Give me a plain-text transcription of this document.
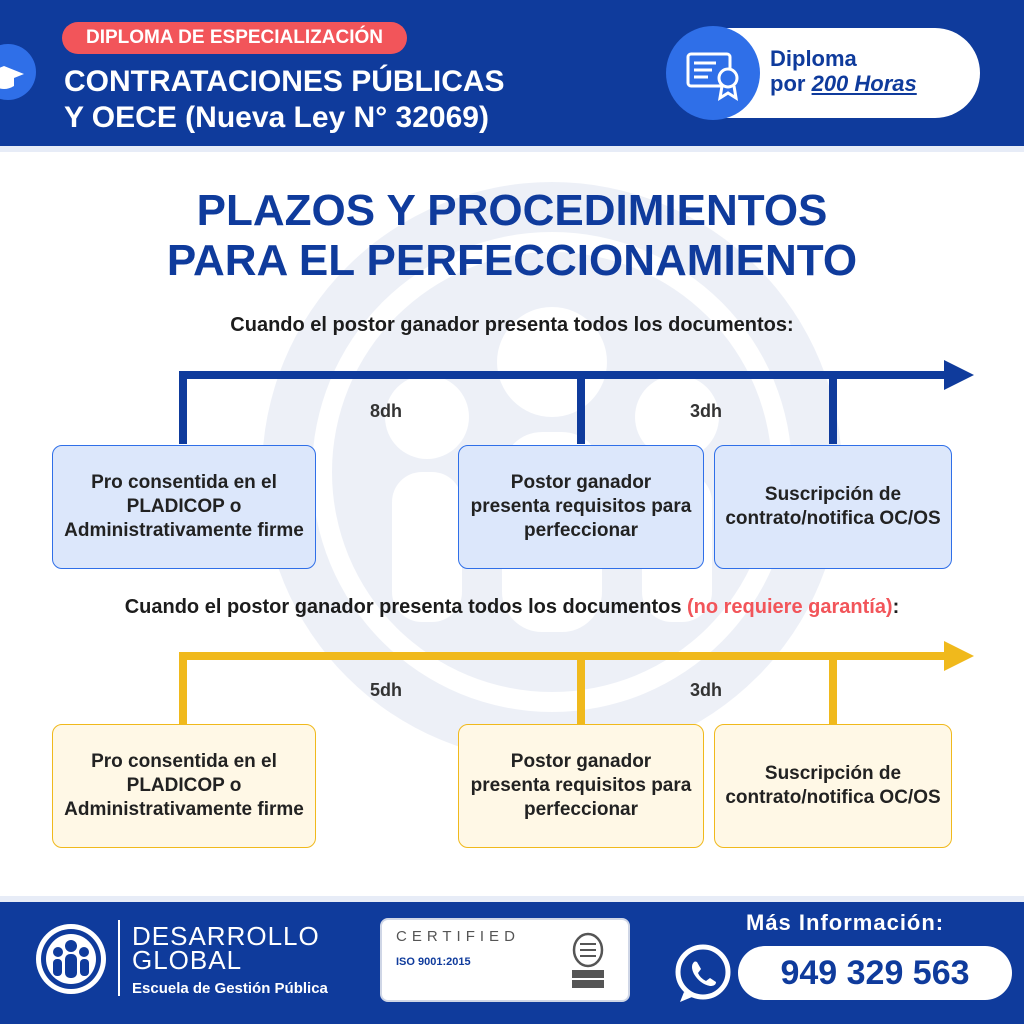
DIPLOMA DE ESPECIALIZACIÓN
CONTRATACIONES PÚBLICAS
Y OECE (Nueva Ley N° 32069)
Diploma
por 200 Horas
PLAZOS Y PROCEDIMIENTOS
PARA EL PERFECCIONAMIENTO
Cuando el postor ganador presenta todos los documentos:
8dh	3dh
Pro consentida en el PLADICOP o Administrativamente firme
Postor ganador presenta requisitos para perfeccionar
Suscripción de contrato/notifica OC/OS
Cuando el postor ganador presenta todos los documentos (no requiere garantía):
5dh	3dh
Pro consentida en el PLADICOP o Administrativamente firme
Postor ganador presenta requisitos para perfeccionar
Suscripción de contrato/notifica OC/OS
DESARROLLO
GLOBAL
Escuela de Gestión Pública
CERTIFIED
ISO 9001:2015
Más Información:
949 329 563
